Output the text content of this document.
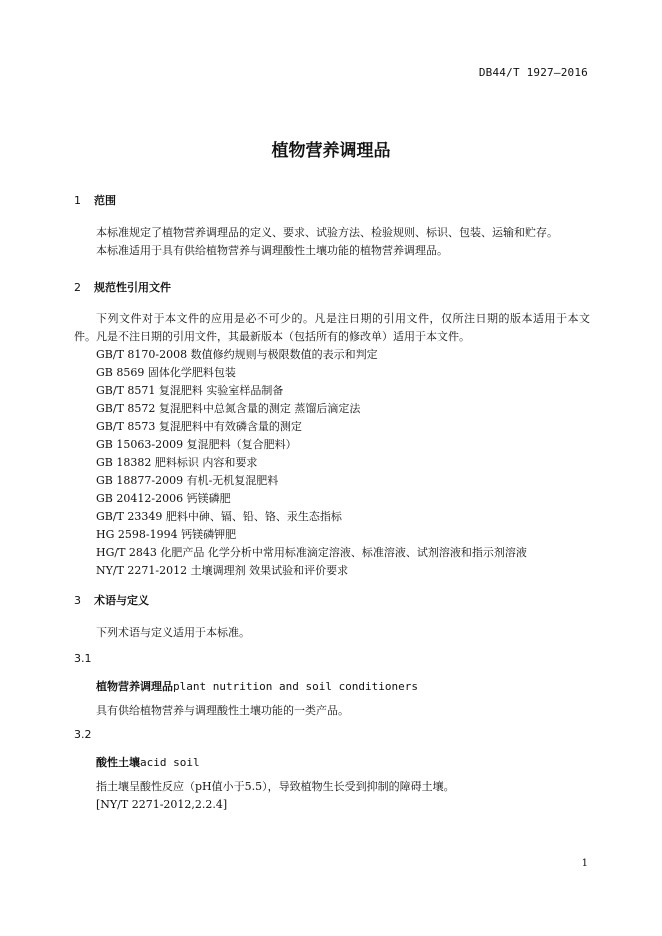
DB44/T 1927—2016
植物营养调理品
1 范围
本标准规定了植物营养调理品的定义、要求、试验方法、检验规则、标识、包装、运输和贮存。
本标准适用于具有供给植物营养与调理酸性土壤功能的植物营养调理品。
2 规范性引用文件
下列文件对于本文件的应用是必不可少的。凡是注日期的引用文件，仅所注日期的版本适用于本文件。凡是不注日期的引用文件，其最新版本（包括所有的修改单）适用于本文件。
GB/T 8170-2008 数值修约规则与极限数值的表示和判定
GB 8569 固体化学肥料包装
GB/T 8571 复混肥料 实验室样品制备
GB/T 8572 复混肥料中总氮含量的测定 蒸馏后滴定法
GB/T 8573 复混肥料中有效磷含量的测定
GB 15063-2009 复混肥料（复合肥料）
GB 18382 肥料标识 内容和要求
GB 18877-2009 有机-无机复混肥料
GB 20412-2006 钙镁磷肥
GB/T 23349 肥料中砷、镉、铅、铬、汞生态指标
HG 2598-1994 钙镁磷钾肥
HG/T 2843 化肥产品 化学分析中常用标准滴定溶液、标准溶液、试剂溶液和指示剂溶液
NY/T 2271-2012 土壤调理剂 效果试验和评价要求
3 术语与定义
下列术语与定义适用于本标准。
3.1
植物营养调理品plant nutrition and soil conditioners
具有供给植物营养与调理酸性土壤功能的一类产品。
3.2
酸性土壤acid soil
指土壤呈酸性反应（pH值小于5.5），导致植物生长受到抑制的障碍土壤。
[NY/T 2271-2012,2.2.4]
1
